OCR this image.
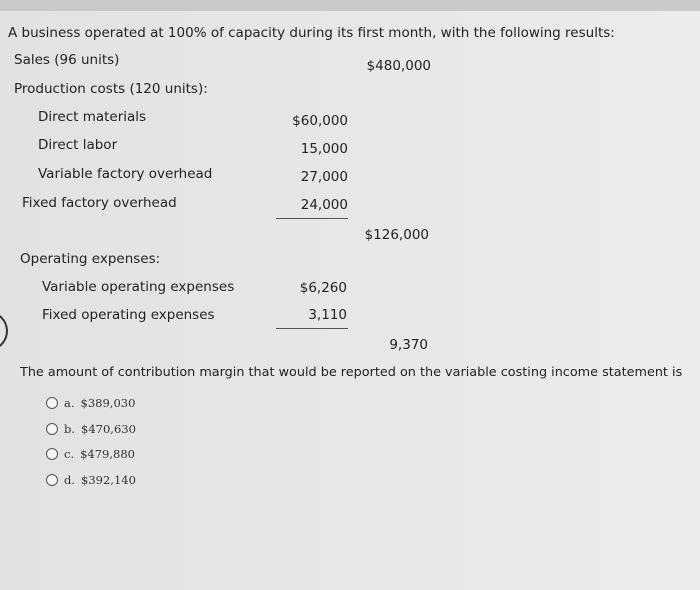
A business operated at 100% of capacity during its first month, with the following results:
Sales (96 units)	$480,000
Production costs (120 units):
Direct materials	$60,000
Direct labor	15,000
Variable factory overhead	27,000
Fixed factory overhead	24,000
$126,000
Operating expenses:
Variable operating expenses	$6,260
Fixed operating expenses	3,110
9,370
The amount of contribution margin that would be reported on the variable costing income statement is
a. $389,030
b. $470,630
c. $479,880
d. $392,140
